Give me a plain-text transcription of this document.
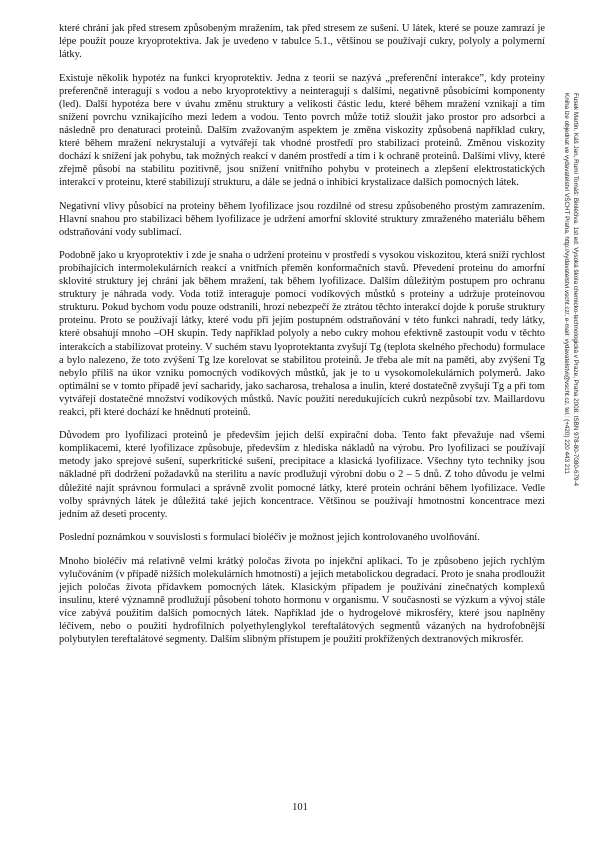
které chrání jak před stresem způsobeným mražením, tak před stresem ze sušení. U látek, které se pouze zamrazí je lépe použít pouze kryoprotektiva. Jak je uvedeno v tabulce 5.1., většinou se používají cukry, polyoly a polymerní látky.

Existuje několik hypotéz na funkci kryoprotektiv. Jedna z teorii se nazývá „preferenční interakce”, kdy proteiny preferenčně interagují s vodou a nebo kryoprotektivy a neinteragují s dalšími, negativně působícími komponenty (led). Další hypotéza bere v úvahu změnu struktury a velikosti částic ledu, které během mražení vznikají a tím snížení povrchu vznikajícího mezi ledem a vodou. Tento povrch může totiž sloužit jako prostor pro adsorbci a následně pro denaturaci proteinů. Dalším zvažovaným aspektem je změna viskozity způsobená například cukry, které během mražení nekrystalují a vytvářejí tak vhodné prostředí pro stabilizaci proteinů. Změnou viskozity dochází k snížení jak pohybu, tak možných reakcí v daném prostředí a tím i k ochraně proteinů. Dalšími vlivy, které zřejmě působí na stabilitu pozitivně, jsou snížení vnitřního pohybu v proteinech a zlepšení elektrostatických interakcí v proteinu, které stabilizují strukturu, a dále se jedná o inhibici krystalizace dalších pomocných látek.

Negativní vlivy působící na proteiny během lyofilizace jsou rozdílné od stresu způsobeného prostým zamrazením. Hlavní snahou pro stabilizaci během lyofilizace je udržení amorfní sklovité struktury zmraženého materiálu během odstraňování vody sublimací.

Podobně jako u kryoprotektiv i zde je snaha o udržení proteinu v prostředí s vysokou viskozitou, která sníží rychlost probíhajících intermolekulárních reakcí a vnitřních přeměn konformačních stavů. Převedení proteinu do amorfní sklovité struktury jej chrání jak během mražení, tak během lyofilizace. Dalším důležitým postupem pro ochranu struktury je náhrada vody. Voda totiž interaguje pomocí vodíkových můstků s proteiny a udržuje proteinovou strukturu. Pokud bychom vodu pouze odstranili, hrozí nebezpečí že ztrátou těchto interakcí dojde k poruše struktury proteinu. Proto se používají látky, které vodu při jejím postupném odstraňování v této funkci nahradí, tedy látky, které obsahují mnoho –OH skupin. Tedy například polyoly a nebo cukry mohou efektivně zastoupit vodu v těchto interakcích a stabilizovat proteiny. V suchém stavu lyoprotektanta zvyšují Tg (teplota skelného přechodu) formulace a bylo nalezeno, že toto zvýšení Tg lze korelovat se stabilitou proteinů. Je třeba ale mít na paměti, aby zvýšení Tg nebylo příliš na úkor vzniku pomocných vodíkových můstků, jak je to u vysokomolekulárních polymerů. Jako optimální se v tomto případě jeví sacharidy, jako sacharosa, trehalosa a inulin, které dostatečně zvyšují Tg a při tom vytvářejí dostatečné množství vodíkových můstků. Navíc použití neredukujících cukrů nezpůsobí tzv. Maillardovu reakci, při které dochází ke hnědnutí proteinů.

Důvodem pro lyofilizaci proteinů je především jejich delší expirační doba. Tento fakt převažuje nad všemi komplikacemi, které lyofilizace způsobuje, především z hlediska nákladů na výrobu. Pro lyofilizaci se používají metody jako sprejové sušení, superkritické sušení, precipitace a klasická lyofilizace. Všechny tyto techniky jsou nákladné při dodržení požadavků na sterilitu a navíc prodlužují výrobní dobu o 2 – 5 dnů. Z toho důvodu je velmi důležité najít správnou formulaci a správně zvolit pomocné látky, které protein ochrání během lyofilizace. Vedle volby správných látek je důležitá také jejich koncentrace. Většinou se používají hmotnostní koncentrace mezi jedním až deseti procenty.

Poslední poznámkou v souvislosti s formulací biol​éčiv je možnost jejich kontrolovaného uvolňování.

Mnoho biol​éčiv má relativně velmi krátký poločas života po injekční aplikaci. To je způsobeno jejich rychlým vylučováním (v případě nižších molekulárních hmotností) a jejich metabolickou degradací. Proto je snaha prodloužit jejich poločas života přídavkem pomocných látek. Klasickým případem je používání zinečnatých komplexů insulinu, které významně prodlužují působení tohoto hormonu v organismu. V současnosti se výzkum a vývoj stále více zabývá použitím dalších pomocných látek. Například jde o hydrogelové mikrosféry, které jsou naplněny léčivem, nebo o použití hydrofilních polyethylenglykol tereftalátových segmentů vázaných na hydrofobnější polybutylen tereftalátové segmenty. Dalším slibným přístupem je použití prokřížených dextranových mikrosfér.

Fusek Martin, Káš Jan, Rumí Tomáš: Bioléčiva. 1st ed. Vysoká škola chemicko-technologická v Praze, Praha 2008. ISBN 978-80-7080-679-4
Kniha lze objednat ve vydavatelství VŠCHT Praha, http://vydavatelstvi.vscht.cz/, e-mail: vydavatelstvi@vscht.cz, tel.: (+420) 220 443 211
101
